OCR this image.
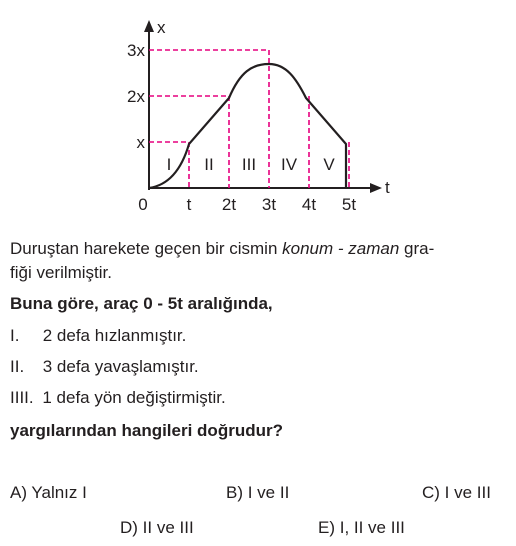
x
t
0 t 2t 3t 4t 5t
x
2x
3x
I II III IV V
Duruştan harekete geçen bir cismin konum - zaman gra-
fiği verilmiştir.
Buna göre, araç 0 - 5t aralığında,
I. 2 defa hızlanmıştır.
II. 3 defa yavaşlamıştır.
IIII. 1 defa yön değiştirmiştir.
yargılarından hangileri doğrudur?
A) Yalnız I	B) I ve II	C) I ve III
D) II ve III	E) I, II ve III
